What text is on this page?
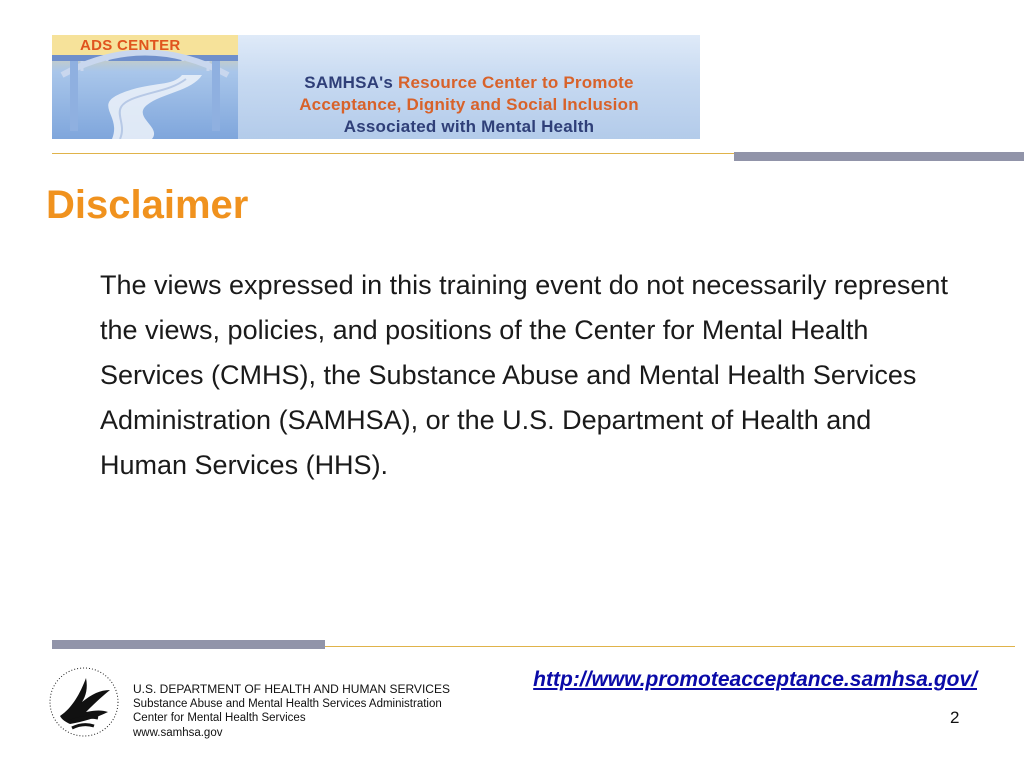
ADS CENTER
SAMHSA's Resource Center to Promote
Acceptance, Dignity and Social Inclusion
Associated with Mental Health
Disclaimer
The views expressed in this training event do not necessarily represent the views, policies, and positions of the Center for Mental Health Services (CMHS), the Substance Abuse and Mental Health Services Administration (SAMHSA), or the U.S. Department of Health and Human Services (HHS).
U.S. DEPARTMENT OF HEALTH AND HUMAN SERVICES
Substance Abuse and Mental Health Services Administration
Center for Mental Health Services
www.samhsa.gov
http://www.promoteacceptance.samhsa.gov/
2
